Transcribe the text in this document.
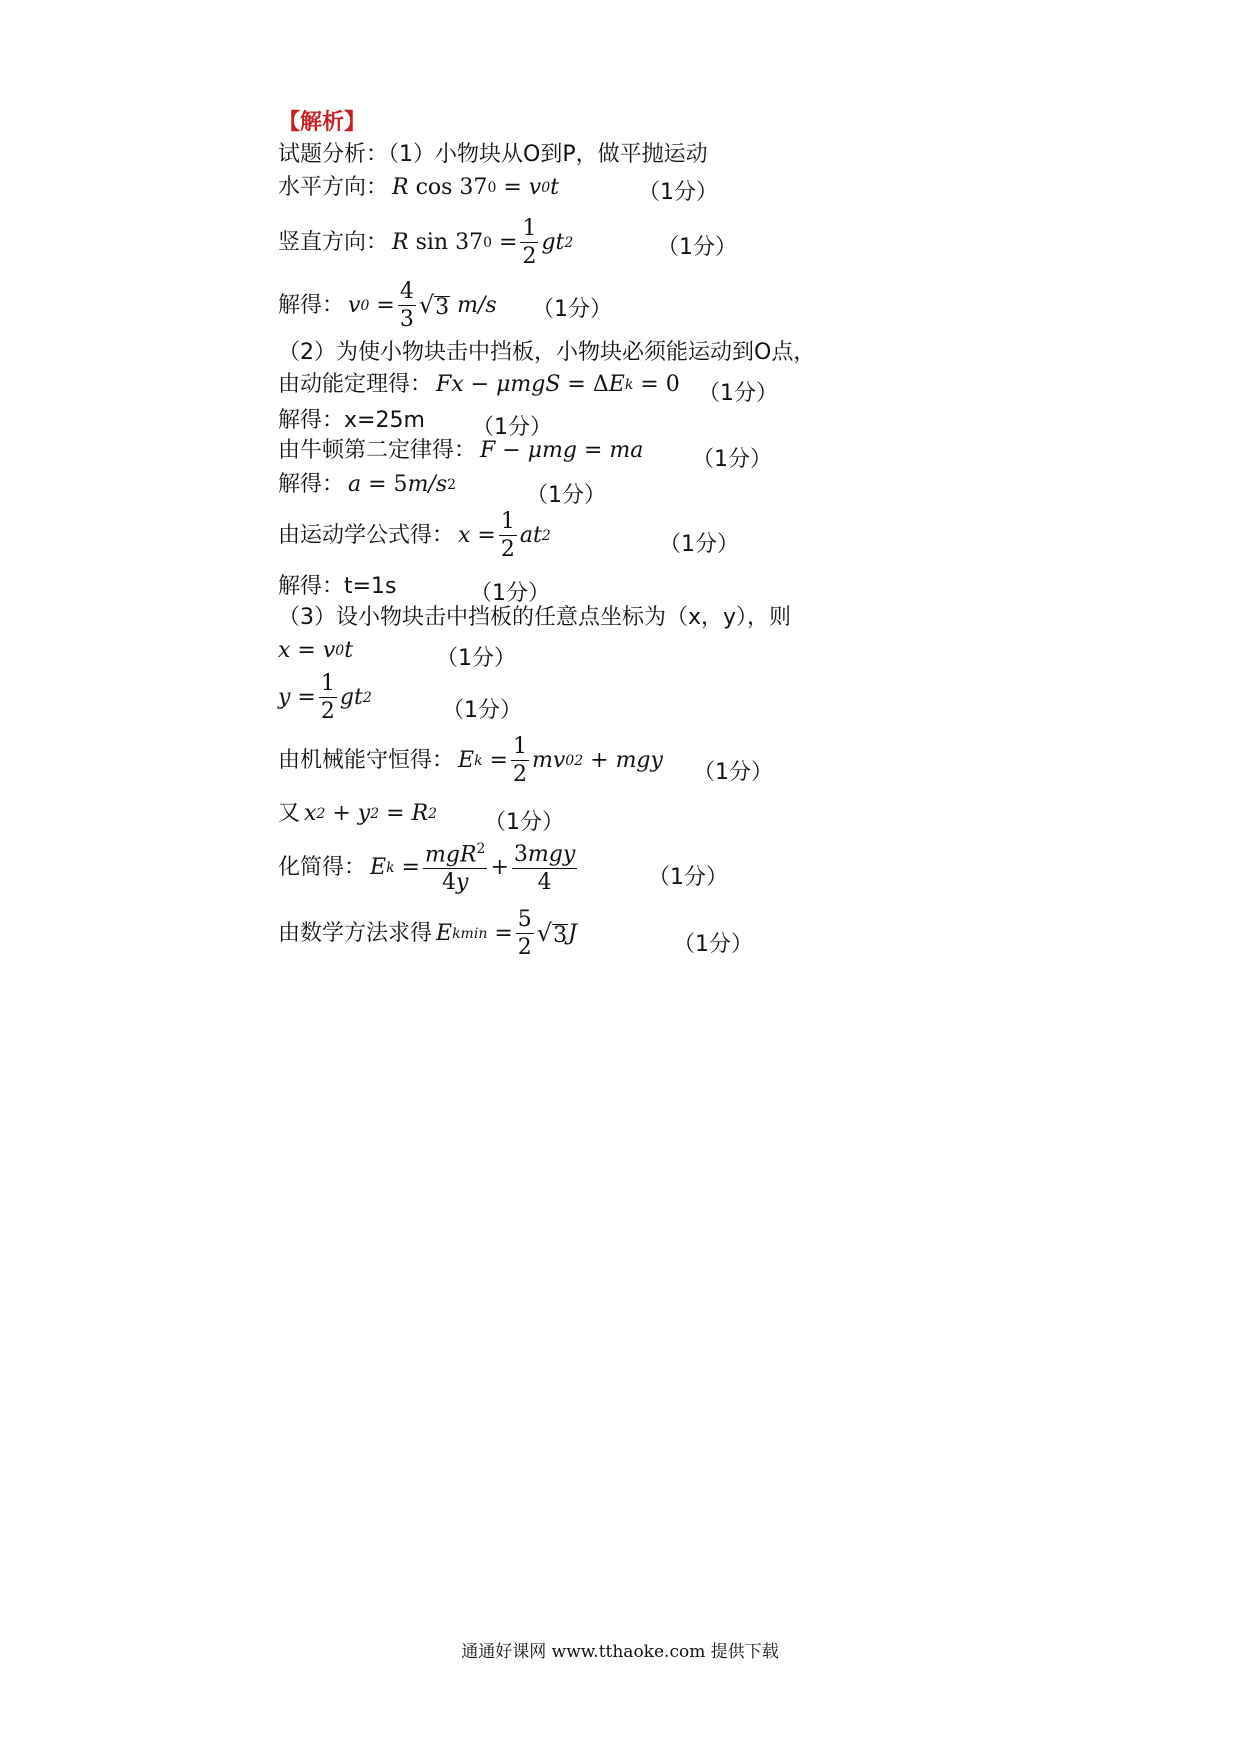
【解析】
试题分析：（1）小物块从O到P，做平抛运动
水平方向： R cos 37 0
= v 0 t	（1分）
竖直方向： R sin 37 0
= $\frac{1}{2}$ gt 2	（1分）
解得： v 0
= $\frac{4}{3}$ √ 3 m/s （1分）
（2）为使小物块击中挡板，小物块必须能运动到O点，
由动能定理得： Fx − μmgS = Δ E k
= 0 （1分）
解得：x=25m （1分）
由牛顿第二定律得： F − μmg = ma （1分）
解得： a = 5 m/s 2	（1分）
由运动学公式得： $x = \frac{1}{2}$ at 2	（1分）
解得：t=1s	（1分）
（3）设小物块击中挡板的任意点坐标为（x，y），则
x = v 0 t	（1分）
$y = \frac{1}{2}$ gt 2
（1分）
由机械能守恒得： E $k = \frac{1}{2}$ mv 0 2 + mgy （1分）
又 x 2 + y 2 = R 2 （1分）
化简得： E $k = \frac{mgR^2}{4y} + \frac{\text{3mgy}}{4}$	（1分）
由数学方法求得 E $kmin = \frac{5}{2}$ √ 3 J	（1分）
通通好课网 www.tthaoke.com 提供下载
